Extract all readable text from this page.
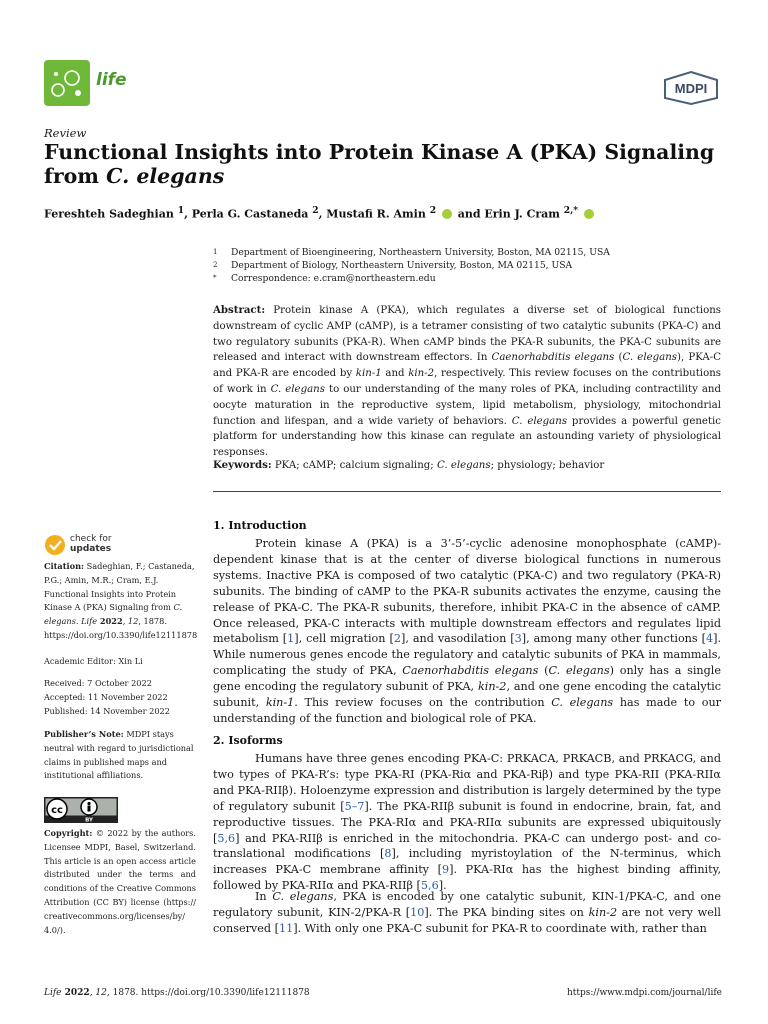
life	MDPI
Review
Functional Insights into Protein Kinase A (PKA) Signaling
from C. elegans
Fereshteh Sadeghian $^1$, Perla G. Castaneda $^2$, Mustafi R. Amin $^2$  and Erin J. Cram $^{2,*}$
1 Department of Bioengineering, Northeastern University, Boston, MA 02115, USA
2 Department of Biology, Northeastern University, Boston, MA 02115, USA
* Correspondence: e.cram@northeastern.edu
Abstract: Protein kinase A (PKA), which regulates a diverse set of biological functions downstream of cyclic AMP (cAMP), is a tetramer consisting of two catalytic subunits (PKA-C) and two regulatory subunits (PKA-R). When cAMP binds the PKA-R subunits, the PKA-C subunits are released and interact with downstream effectors. In Caenorhabditis elegans (C. elegans), PKA-C and PKA-R are encoded by kin-1 and kin-2, respectively. This review focuses on the contributions of work in C. elegans to our understanding of the many roles of PKA, including contractility and oocyte maturation in the reproductive system, lipid metabolism, physiology, mitochondrial function and lifespan, and a wide variety of behaviors. C. elegans provides a powerful genetic platform for understanding how this kinase can regulate an astounding variety of physiological responses.
Keywords: PKA; cAMP; calcium signaling; C. elegans; physiology; behavior
check for
updates
Citation: Sadeghian, F.; Castaneda, P.G.; Amin, M.R.; Cram, E.J. Functional Insights into Protein Kinase A (PKA) Signaling from C. elegans. Life 2022, 12, 1878. https://doi.org/10.3390/life12111878
Academic Editor: Xin Li
Received: 7 October 2022
Accepted: 11 November 2022
Published: 14 November 2022
Publisher’s Note: MDPI stays neutral with regard to jurisdictional claims in published maps and institutional affiliations.
cc
BY
Copyright: © 2022 by the authors. Licensee MDPI, Basel, Switzerland. This article is an open access article distributed under the terms and conditions of the Creative Commons Attribution (CC BY) license (https:// creativecommons.org/licenses/by/ 4.0/).
1. Introduction
Protein kinase A (PKA) is a 3’-5’-cyclic adenosine monophosphate (cAMP)-dependent kinase that is at the center of diverse biological functions in numerous systems. Inactive PKA is composed of two catalytic (PKA-C) and two regulatory (PKA-R) subunits. The binding of cAMP to the PKA-R subunits activates the enzyme, causing the release of PKA-C. The PKA-R subunits, therefore, inhibit PKA-C in the absence of cAMP. Once released, PKA-C interacts with multiple downstream effectors and regulates lipid metabolism [1], cell migration [2], and vasodilation [3], among many other functions [4]. While numerous genes encode the regulatory and catalytic subunits of PKA in mammals, complicating the study of PKA, Caenorhabditis elegans (C. elegans) only has a single gene encoding the regulatory subunit of PKA, kin-2, and one gene encoding the catalytic subunit, kin-1. This review focuses on the contribution C. elegans has made to our understanding of the function and biological role of PKA.
2. Isoforms
Humans have three genes encoding PKA-C: PRKACA, PRKACB, and PRKACG, and two types of PKA-R’s: type PKA-RI (PKA-Riα and PKA-Riβ) and type PKA-RII (PKA-RIIα and PKA-RIIβ). Holoenzyme expression and distribution is largely determined by the type of regulatory subunit [5–7]. The PKA-RIIβ subunit is found in endocrine, brain, fat, and reproductive tissues. The PKA-RIα and PKA-RIIα subunits are expressed ubiquitously [5,6] and PKA-RIIβ is enriched in the mitochondria. PKA-C can undergo post- and co-translational modifications [8], including myristoylation of the N-terminus, which increases PKA-C membrane affinity [9]. PKA-RIα has the highest binding affinity, followed by PKA-RIIα and PKA-RIIβ [5,6].
In C. elegans, PKA is encoded by one catalytic subunit, KIN-1/PKA-C, and one regulatory subunit, KIN-2/PKA-R [10]. The PKA binding sites on kin-2 are not very well conserved [11]. With only one PKA-C subunit for PKA-R to coordinate with, rather than
Life 2022, 12, 1878. https://doi.org/10.3390/life12111878	https://www.mdpi.com/journal/life
